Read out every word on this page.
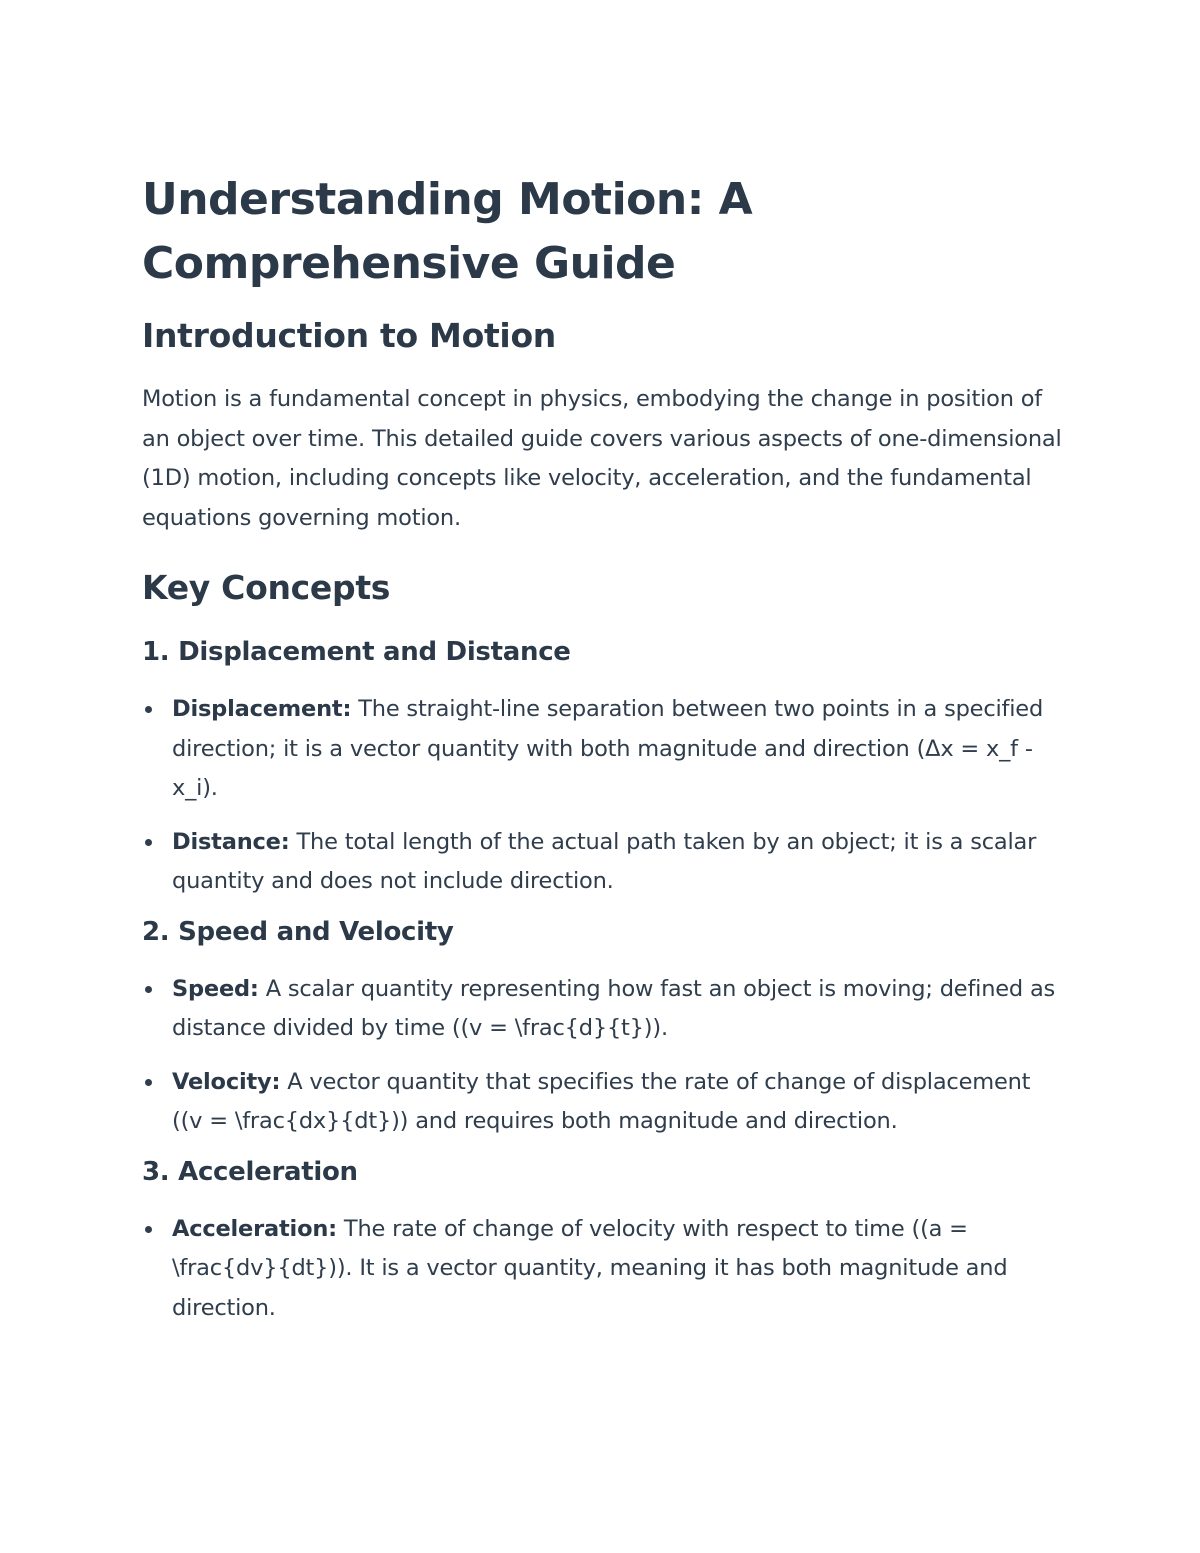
Understanding Motion: A Comprehensive Guide
Introduction to Motion

Motion is a fundamental concept in physics, embodying the change in position of an object over time. This detailed guide covers various aspects of one-dimensional (1D) motion, including concepts like velocity, acceleration, and the fundamental equations governing motion.

Key Concepts
1. Displacement and Distance
Displacement: The straight-line separation between two points in a specified direction; it is a vector quantity with both magnitude and direction (Δx = x_f - x_i).
Distance: The total length of the actual path taken by an object; it is a scalar quantity and does not include direction.
2. Speed and Velocity
Speed: A scalar quantity representing how fast an object is moving; defined as distance divided by time ((v = \frac{d}{t})).
Velocity: A vector quantity that specifies the rate of change of displacement ((v = \frac{dx}{dt})) and requires both magnitude and direction.
3. Acceleration
Acceleration: The rate of change of velocity with respect to time ((a = \frac{dv}{dt})). It is a vector quantity, meaning it has both magnitude and direction.
